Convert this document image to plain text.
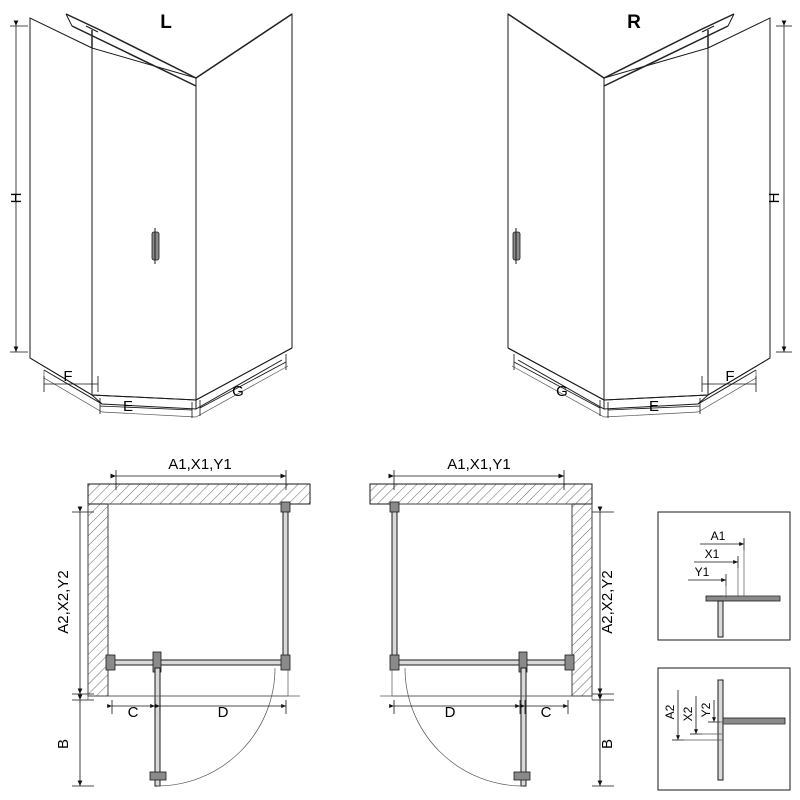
L
H
F
E
G
R
H
F
E
G
A1,X1,Y1
A2,X2,Y2
C	D
B
A1,X1,Y1
A2,X2,Y2
D	C
B
A1
X1
Y1
A2 X2 Y2
